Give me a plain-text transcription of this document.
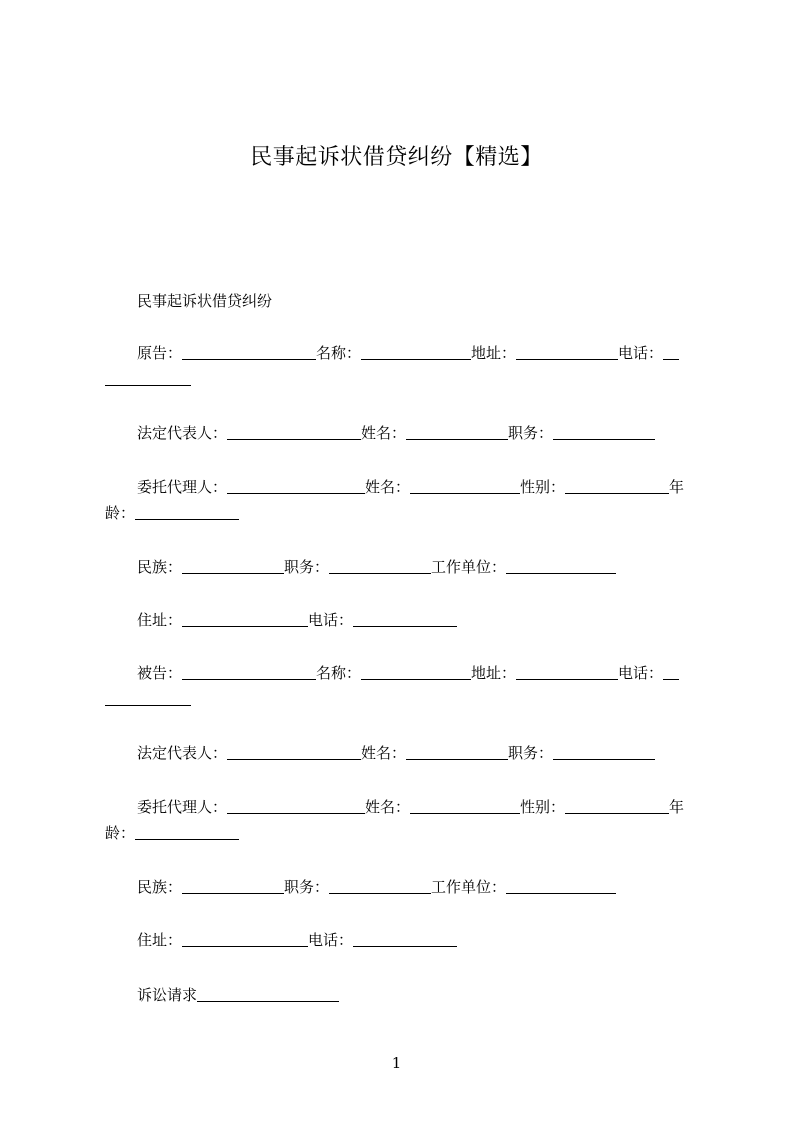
民事起诉状借贷纠纷【精选】
民事起诉状借贷纠纷
原告：	名称：	地址：	电话：
法定代表人：	姓名：	职务：
委托代理人：	姓名：	性别：	年
龄：
民族：	职务：	工作单位：
住址：	电话：
被告：	名称：	地址：	电话：
法定代表人：	姓名：	职务：
委托代理人：	姓名：	性别：	年
龄：
民族：	职务：	工作单位：
住址：	电话：
诉讼请求
1
